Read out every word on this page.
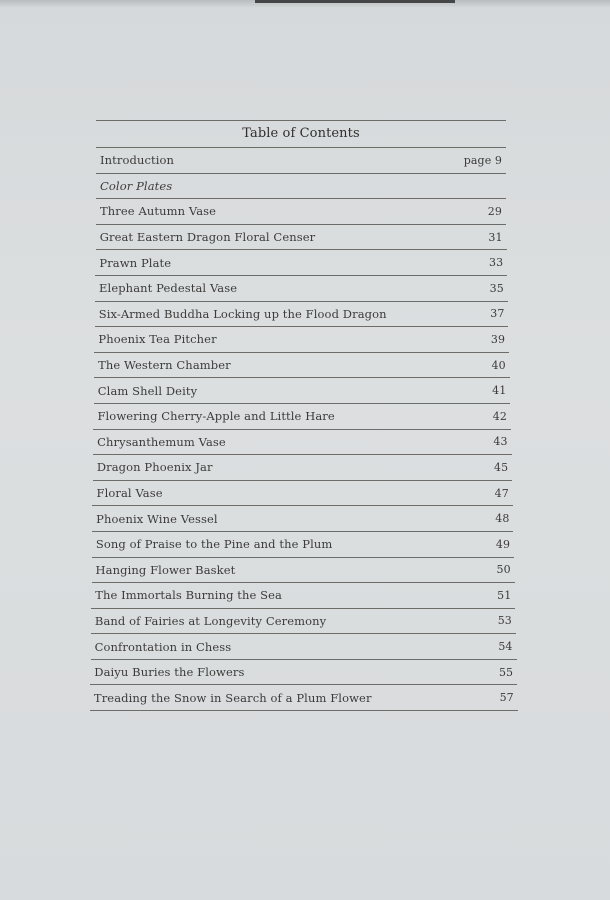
Table of Contents
Introduction	page 9
Color Plates
Three Autumn Vase	29
Great Eastern Dragon Floral Censer	31
Prawn Plate	33
Elephant Pedestal Vase	35
Six-Armed Buddha Locking up the Flood Dragon	37
Phoenix Tea Pitcher	39
The Western Chamber	40
Clam Shell Deity	41
Flowering Cherry-Apple and Little Hare	42
Chrysanthemum Vase	43
Dragon Phoenix Jar	45
Floral Vase	47
Phoenix Wine Vessel	48
Song of Praise to the Pine and the Plum	49
Hanging Flower Basket	50
The Immortals Burning the Sea	51
Band of Fairies at Longevity Ceremony	53
Confrontation in Chess	54
Daiyu Buries the Flowers	55
Treading the Snow in Search of a Plum Flower	57
